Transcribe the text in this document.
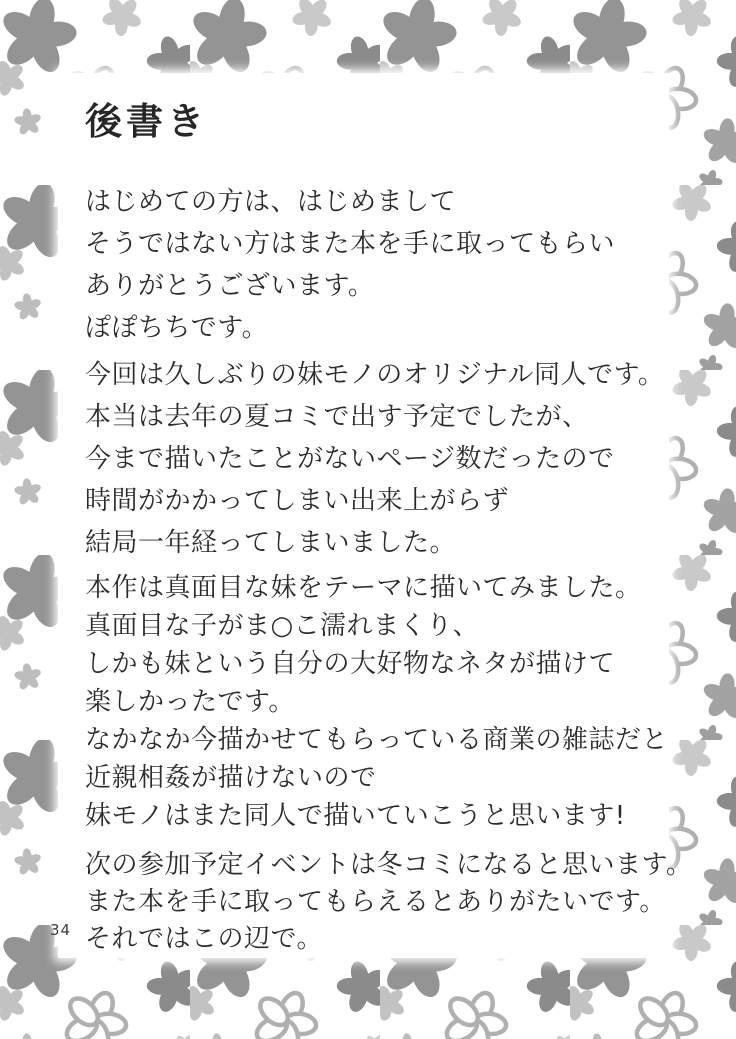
後書き

はじめての方は、はじめまして
そうではない方はまた本を手に取ってもらい
ありがとうございます。
ぽぽちちです。

今回は久しぶりの妹モノのオリジナル同人です。
本当は去年の夏コミで出す予定でしたが、
今まで描いたことがないページ数だったので
時間がかかってしまい出来上がらず
結局一年経ってしまいました。

本作は真面目な妹をテーマに描いてみました。
真面目な子がま○こ濡れまくり、
しかも妹という自分の大好物なネタが描けて
楽しかったです。
なかなか今描かせてもらっている商業の雑誌だと
近親相姦が描けないので
妹モノはまた同人で描いていこうと思います!

次の参加予定イベントは冬コミになると思います。
また本を手に取ってもらえるとありがたいです。
それではこの辺で。

34
